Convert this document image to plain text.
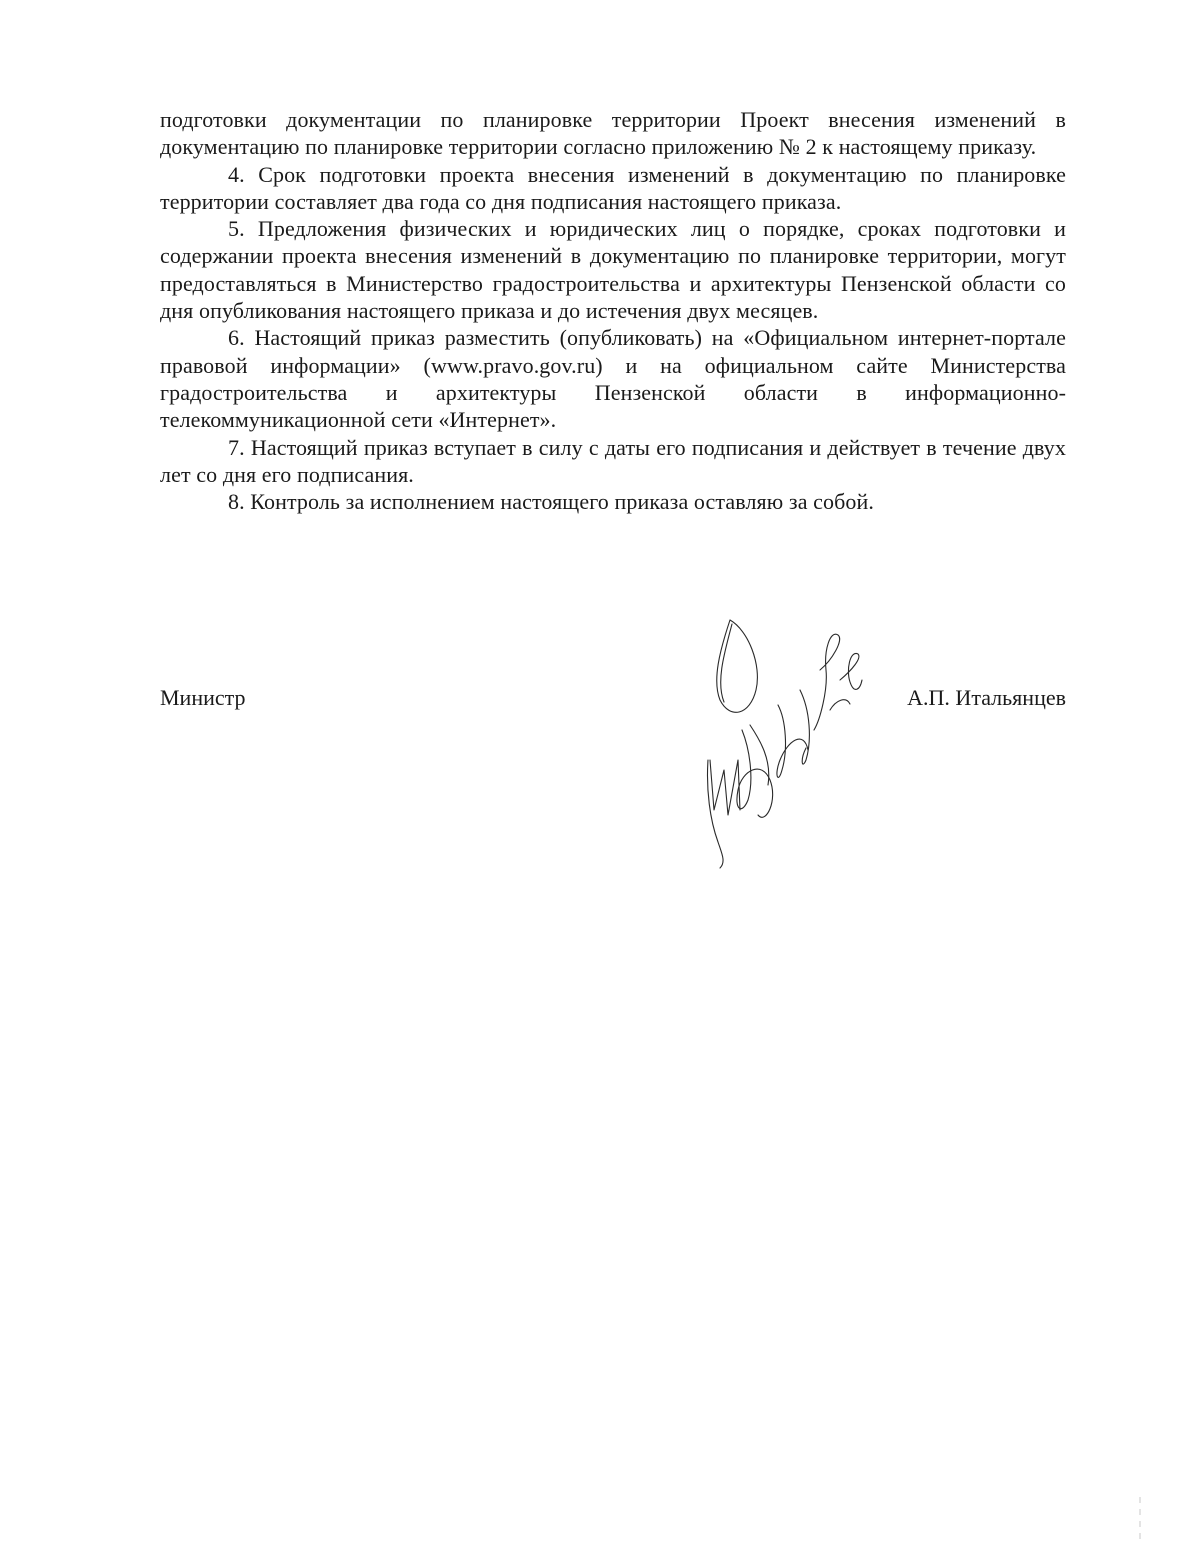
подготовки документации по планировке территории Проект внесения изменений в документацию по планировке территории согласно приложению № 2 к настоящему приказу.

4. Срок подготовки проекта внесения изменений в документацию по планировке территории составляет два года со дня подписания настоящего приказа.

5. Предложения физических и юридических лиц о порядке, сроках подготовки и содержании проекта внесения изменений в документацию по планировке территории, могут предоставляться в Министерство градостроительства и архитектуры Пензенской области со дня опубликования настоящего приказа и до истечения двух месяцев.

6. Настоящий приказ разместить (опубликовать) на «Официальном интернет-портале правовой информации» (www.pravo.gov.ru) и на официальном сайте Министерства градостроительства и архитектуры Пензенской области в информационно-телекоммуникационной сети «Интернет».

7. Настоящий приказ вступает в силу с даты его подписания и действует в течение двух лет со дня его подписания.

8. Контроль за исполнением настоящего приказа оставляю за собой.

Министр	А.П. Итальянцев
